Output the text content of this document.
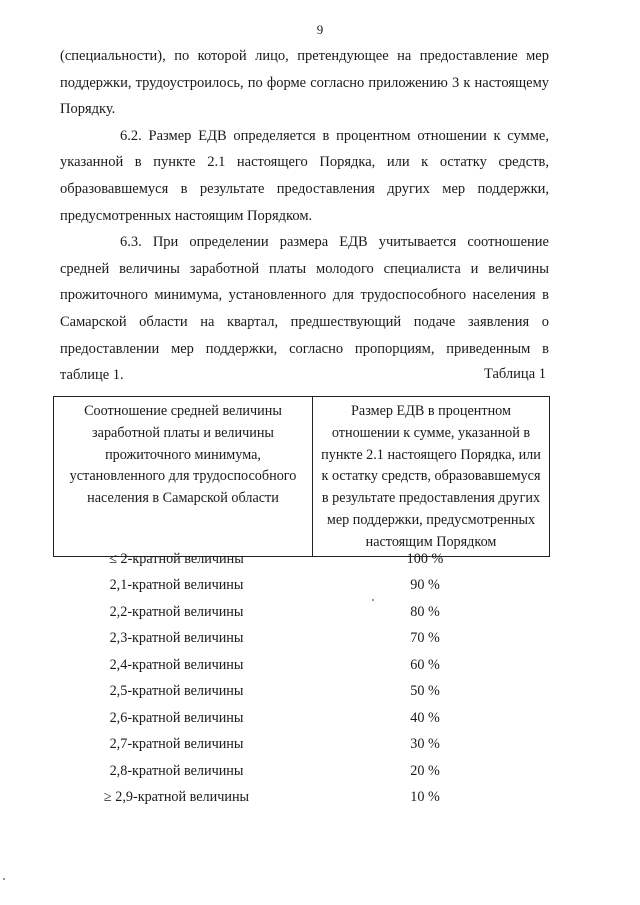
9

(специальности), по которой лицо, претендующее на предоставление мер поддержки, трудоустроилось, по форме согласно приложению 3 к настоящему Порядку.

6.2. Размер ЕДВ определяется в процентном отношении к сумме, указанной в пункте 2.1 настоящего Порядка, или к остатку средств, образовавшемуся в результате предоставления других мер поддержки, предусмотренных настоящим Порядком.

6.3. При определении размера ЕДВ учитывается соотношение средней величины заработной платы молодого специалиста и величины прожиточного минимума, установленного для трудоспособного населения в Самарской области на квартал, предшествующий подаче заявления о предоставлении мер поддержки, согласно пропорциям, приведенным в таблице 1.	Таблица 1
Соотношение средней величины заработной платы и величины прожиточного минимума, установленного для трудоспособного населения в Самарской области	Размер ЕДВ в процентном отношении к сумме, указанной в пункте 2.1 настоящего Порядка, или к остатку средств, образовавшемуся в результате предоставления других мер поддержки, предусмотренных настоящим Порядком
≤ 2-кратной величины	100 %
2,1-кратной величины	90 %
2,2-кратной величины	80 %
2,3-кратной величины	70 %
2,4-кратной величины	60 %
2,5-кратной величины	50 %
2,6-кратной величины	40 %
2,7-кратной величины	30 %
2,8-кратной величины	20 %
≥ 2,9-кратной величины	10 %
